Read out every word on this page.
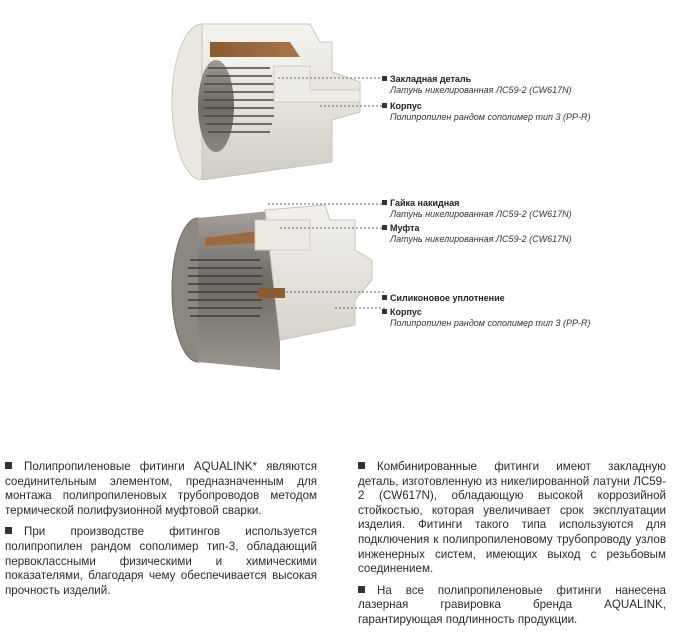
Закладная деталь
Латунь никелированная ЛС59-2 (CW617N)
Корпус
Полипропилен рандом сополимер тип 3 (PP-R)
Гайка накидная
Латунь никелированная ЛС59-2 (CW617N)
Муфта
Латунь никелированная ЛС59-2 (CW617N)
Силиконовое уплотнение
Корпус
Полипропилен рандом сополимер тип 3 (PP-R)

Полипропиленовые фитинги AQUALINK* являются соединительным элементом, предназначенным для монтажа полипропиленовых трубопроводов методом термической полифузионной муфтовой сварки.

При производстве фитингов используется полипропилен рандом сополимер тип-3, обладающий первоклассными физическими и химическими показателями, благодаря чему обеспечивается высокая прочность изделий.

Комбинированные фитинги имеют закладную деталь, изготовленную из никелированной латуни ЛС59-2 (CW617N), обладающую высокой коррозийной стойкостью, которая увеличивает срок эксплуатации изделия. Фитинги такого типа используются для подключения к полипропиленовому трубопроводу узлов инженерных систем, имеющих выход с резьбовым соединением.

На все полипропиленовые фитинги нанесена лазерная гравировка бренда AQUALINK, гарантирующая подлинность продукции.
